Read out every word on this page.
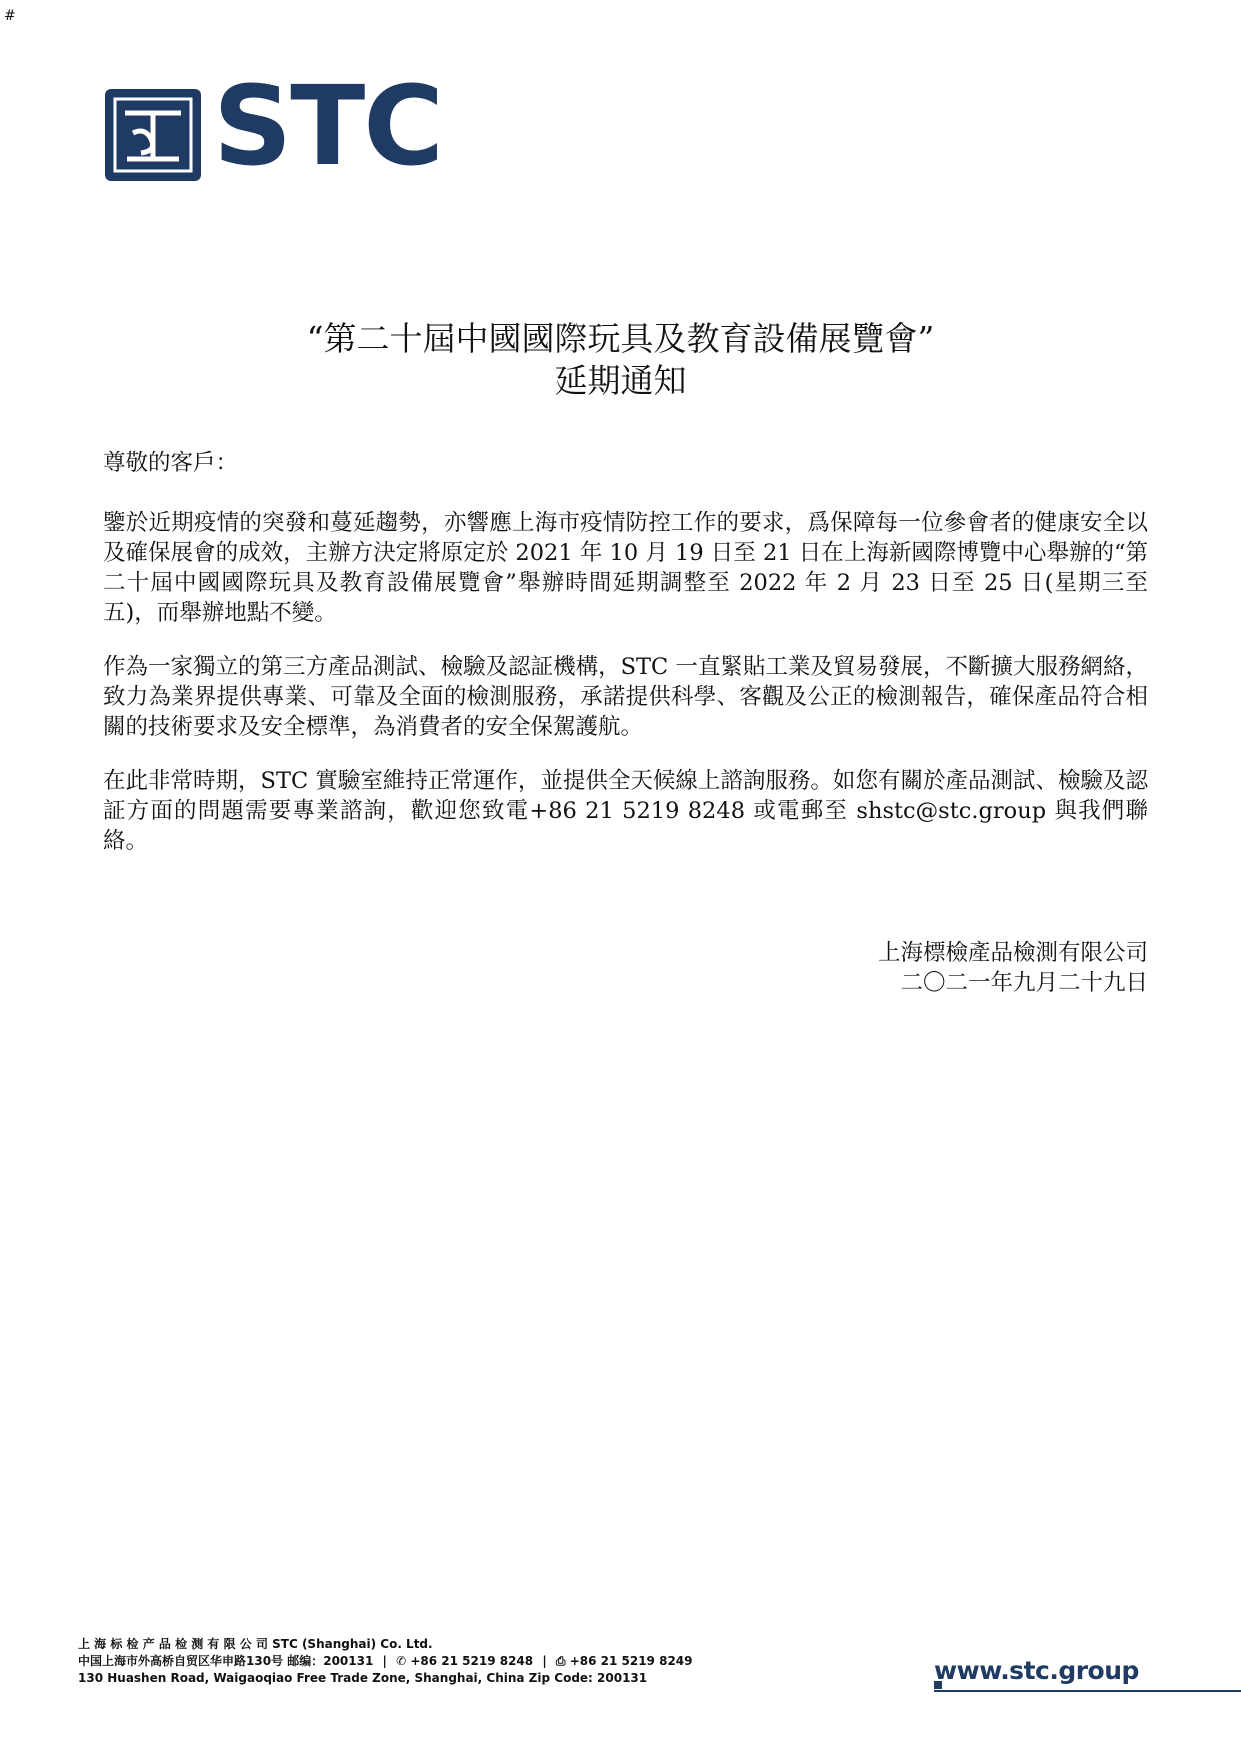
#
STC
“第二十屆中國國際玩具及教育設備展覽會”
延期通知
尊敬的客戶：
鑒於近期疫情的突發和蔓延趨勢，亦響應上海市疫情防控工作的要求，爲保障每一位參會者的健康安全以及確保展會的成效，主辦方決定將原定於 2021 年 10 月 19 日至 21 日在上海新國際博覽中心舉辦的“第二十屆中國國際玩具及教育設備展覽會”舉辦時間延期調整至 2022 年 2 月 23 日至 25 日(星期三至五)，而舉辦地點不變。
作為一家獨立的第三方產品測試、檢驗及認証機構，STC 一直緊貼工業及貿易發展，不斷擴大服務網絡，致力為業界提供專業、可靠及全面的檢測服務，承諾提供科學、客觀及公正的檢測報告，確保產品符合相關的技術要求及安全標準，為消費者的安全保駕護航。
在此非常時期，STC 實驗室維持正常運作，並提供全天候線上諮詢服務。如您有關於產品測試、檢驗及認証方面的問題需要專業諮詢，歡迎您致電+86 21 5219 8248 或電郵至 shstc@stc.group 與我們聯絡。
上海標檢產品檢測有限公司
二〇二一年九月二十九日
上 海 标 检 产 品 检 测 有 限 公 司 STC (Shanghai) Co. Ltd.
中国上海市外高桥自贸区华申路130号 邮编：200131 | ✆ +86 21 5219 8248 | ⎙ +86 21 5219 8249
130 Huashen Road, Waigaoqiao Free Trade Zone, Shanghai, China Zip Code: 200131	www.stc.group
